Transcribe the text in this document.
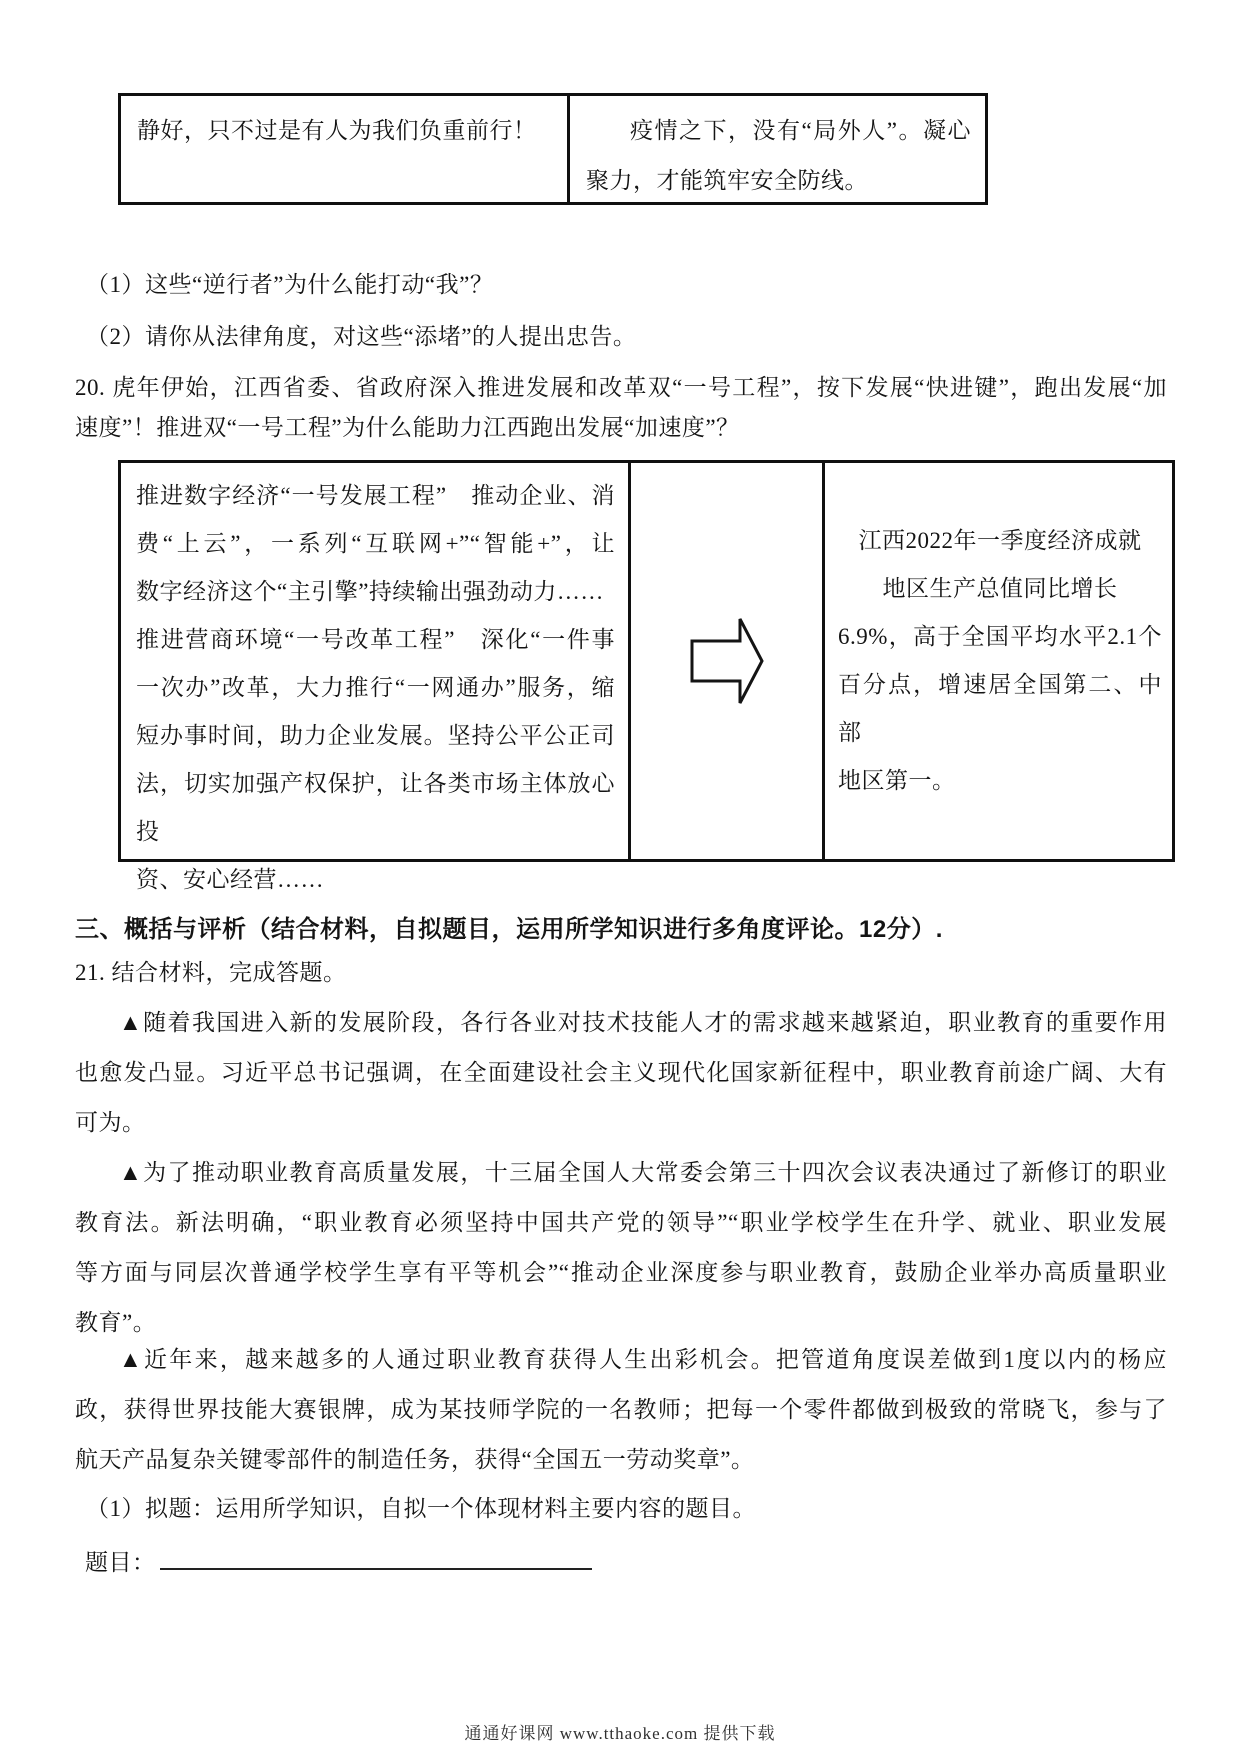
静好，只不过是有人为我们负重前行！	疫情之下，没有“局外人”。凝心
聚力，才能筑牢安全防线。
（1）这些“逆行者”为什么能打动“我”？
（2）请你从法律角度，对这些“添堵”的人提出忠告。
20. 虎年伊始，江西省委、省政府深入推进发展和改革双“一号工程”，按下发展“快进键”，跑出发展“加
速度”！推进双“一号工程”为什么能助力江西跑出发展“加速度”？
推进数字经济“一号发展工程”　推动企业、消
费“上云”，一系列“互联网+”“智能+”，让
数字经济这个“主引擎”持续输出强劲动力……
推进营商环境“一号改革工程”　深化“一件事
一次办”改革，大力推行“一网通办”服务，缩
短办事时间，助力企业发展。坚持公平公正司
法，切实加强产权保护，让各类市场主体放心投
资、安心经营……
江西2022年一季度经济成就
地区生产总值同比增长
6.9%，高于全国平均水平2.1个
百分点，增速居全国第二、中部
地区第一。
三、概括与评析（结合材料，自拟题目，运用所学知识进行多角度评论。12分）.
21. 结合材料，完成答题。
▲随着我国进入新的发展阶段，各行各业对技术技能人才的需求越来越紧迫，职业教育的重要作用
也愈发凸显。习近平总书记强调，在全面建设社会主义现代化国家新征程中，职业教育前途广阔、大有
可为。
▲为了推动职业教育高质量发展，十三届全国人大常委会第三十四次会议表决通过了新修订的职业
教育法。新法明确，“职业教育必须坚持中国共产党的领导”“职业学校学生在升学、就业、职业发展
等方面与同层次普通学校学生享有平等机会”“推动企业深度参与职业教育，鼓励企业举办高质量职业
教育”。
▲近年来，越来越多的人通过职业教育获得人生出彩机会。把管道角度误差做到1度以内的杨应
政，获得世界技能大赛银牌，成为某技师学院的一名教师；把每一个零件都做到极致的常晓飞，参与了
航天产品复杂关键零部件的制造任务，获得“全国五一劳动奖章”。
（1）拟题：运用所学知识，自拟一个体现材料主要内容的题目。
题目：
通通好课网 www.tthaoke.com 提供下载
